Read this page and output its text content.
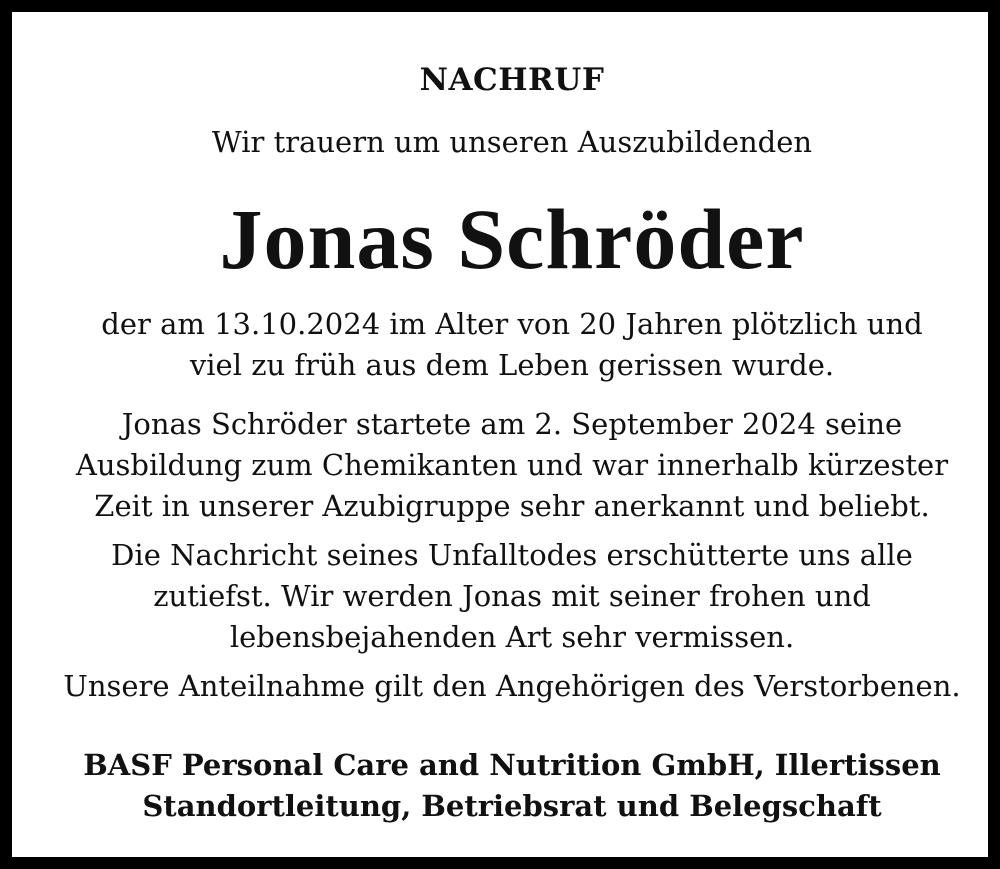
NACHRUF
Wir trauern um unseren Auszubildenden
Jonas Schröder
der am 13.10.2024 im Alter von 20 Jahren plötzlich und
viel zu früh aus dem Leben gerissen wurde.
Jonas Schröder startete am 2. September 2024 seine
Ausbildung zum Chemikanten und war innerhalb kürzester
Zeit in unserer Azubigruppe sehr anerkannt und beliebt.
Die Nachricht seines Unfalltodes erschütterte uns alle
zutiefst. Wir werden Jonas mit seiner frohen und
lebensbejahenden Art sehr vermissen.
Unsere Anteilnahme gilt den Angehörigen des Verstorbenen.
BASF Personal Care and Nutrition GmbH, Illertissen
Standortleitung, Betriebsrat und Belegschaft
